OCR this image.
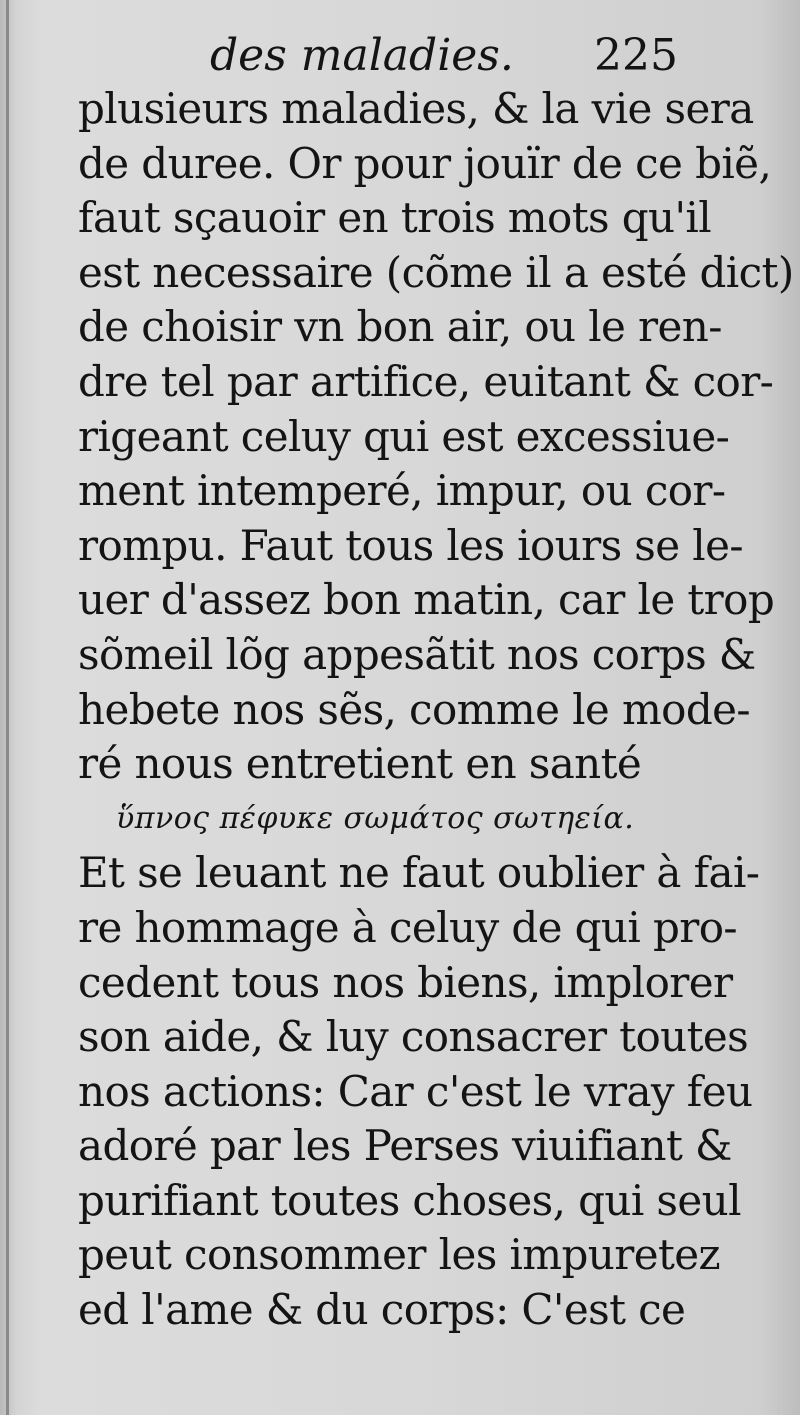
des maladies. 225
plusieurs maladies, & la vie sera
de duree. Or pour jouïr de ce biẽ,
faut sçauoir en trois mots qu'il
est necessaire (cõme il a esté dict)
de choisir vn bon air, ou le ren-
dre tel par artifice, euitant & cor-
rigeant celuy qui est excessiue-
ment intemperé, impur, ou cor-
rompu. Faut tous les iours se le-
uer d'assez bon matin, car le trop
sõmeil lõg appesãtit nos corps &
hebete nos sẽs, comme le mode-
ré nous entretient en santé
ὕπνος πέφυκε σωμάτος σωτηεία.
Et se leuant ne faut oublier à fai-
re hommage à celuy de qui pro-
cedent tous nos biens, implorer
son aide, & luy consacrer toutes
nos actions: Car c'est le vray feu
adoré par les Perses viuifiant &
purifiant toutes choses, qui seul
peut consommer les impuretez
ed l'ame & du corps: C'est ce
